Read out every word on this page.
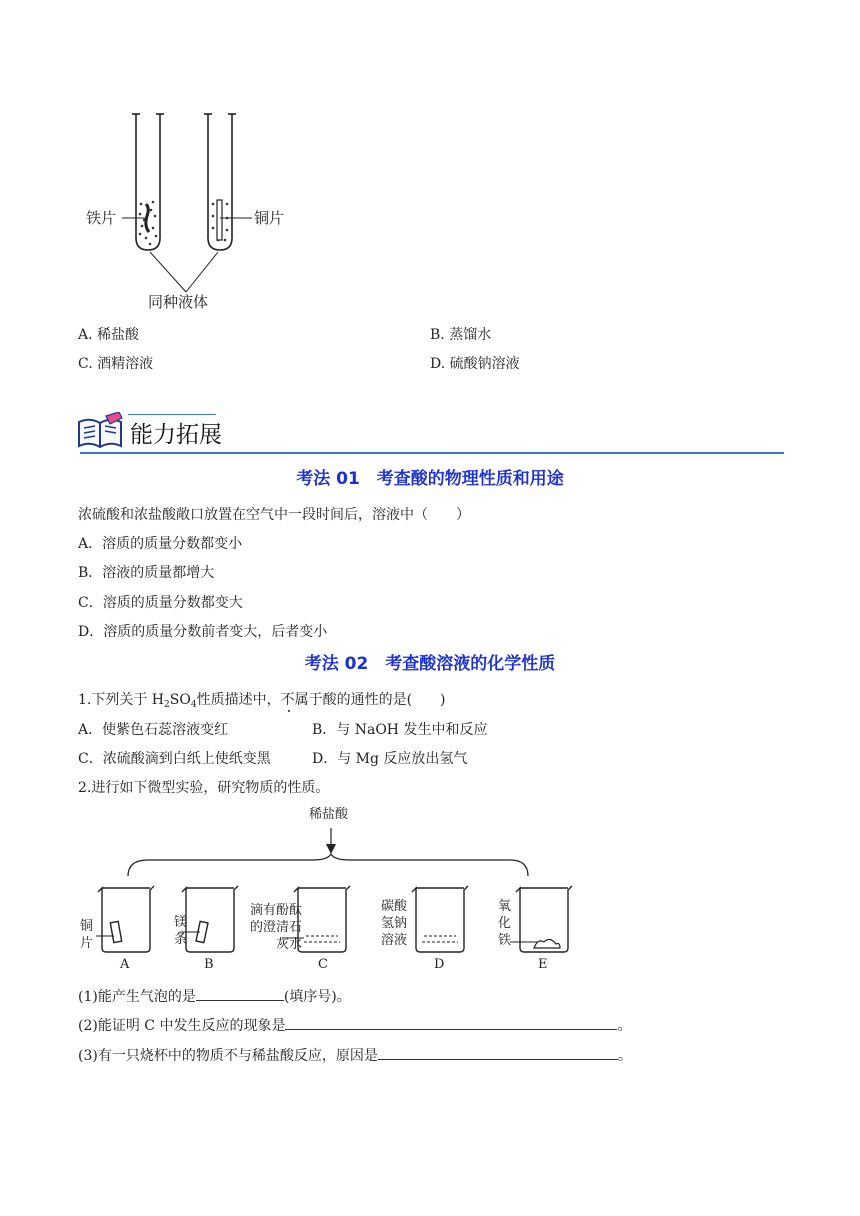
铁片	铜片
同种液体
A. 稀盐酸	B. 蒸馏水
C. 酒精溶液	D. 硫酸钠溶液
能力拓展
考法 01　考查酸的物理性质和用途
浓硫酸和浓盐酸敞口放置在空气中一段时间后，溶液中（　　）
A．溶质的质量分数都变小
B．溶液的质量都增大
C．溶质的质量分数都变大
D．溶质的质量分数前者变大，后者变小
考法 02　考查酸溶液的化学性质
1.下列关于 $H_2SO_4$性质描述中，不属于酸的通性的是(　　)
A．使紫色石蕊溶液变红	B．与 NaOH 发生中和反应
C．浓硫酸滴到白纸上使纸变黑	D．与 Mg 反应放出氢气
2.进行如下微型实验，研究物质的性质。
稀盐酸
铜
片
镁
条
滴有酚酞
的澄清石
灰水
碳酸
氢钠
溶液
氧
化
铁
A	B	C	D	E
(1)能产生气泡的是	(填序号)。
(2)能证明 C 中发生反应的现象是	。
(3)有一只烧杯中的物质不与稀盐酸反应，原因是	。
